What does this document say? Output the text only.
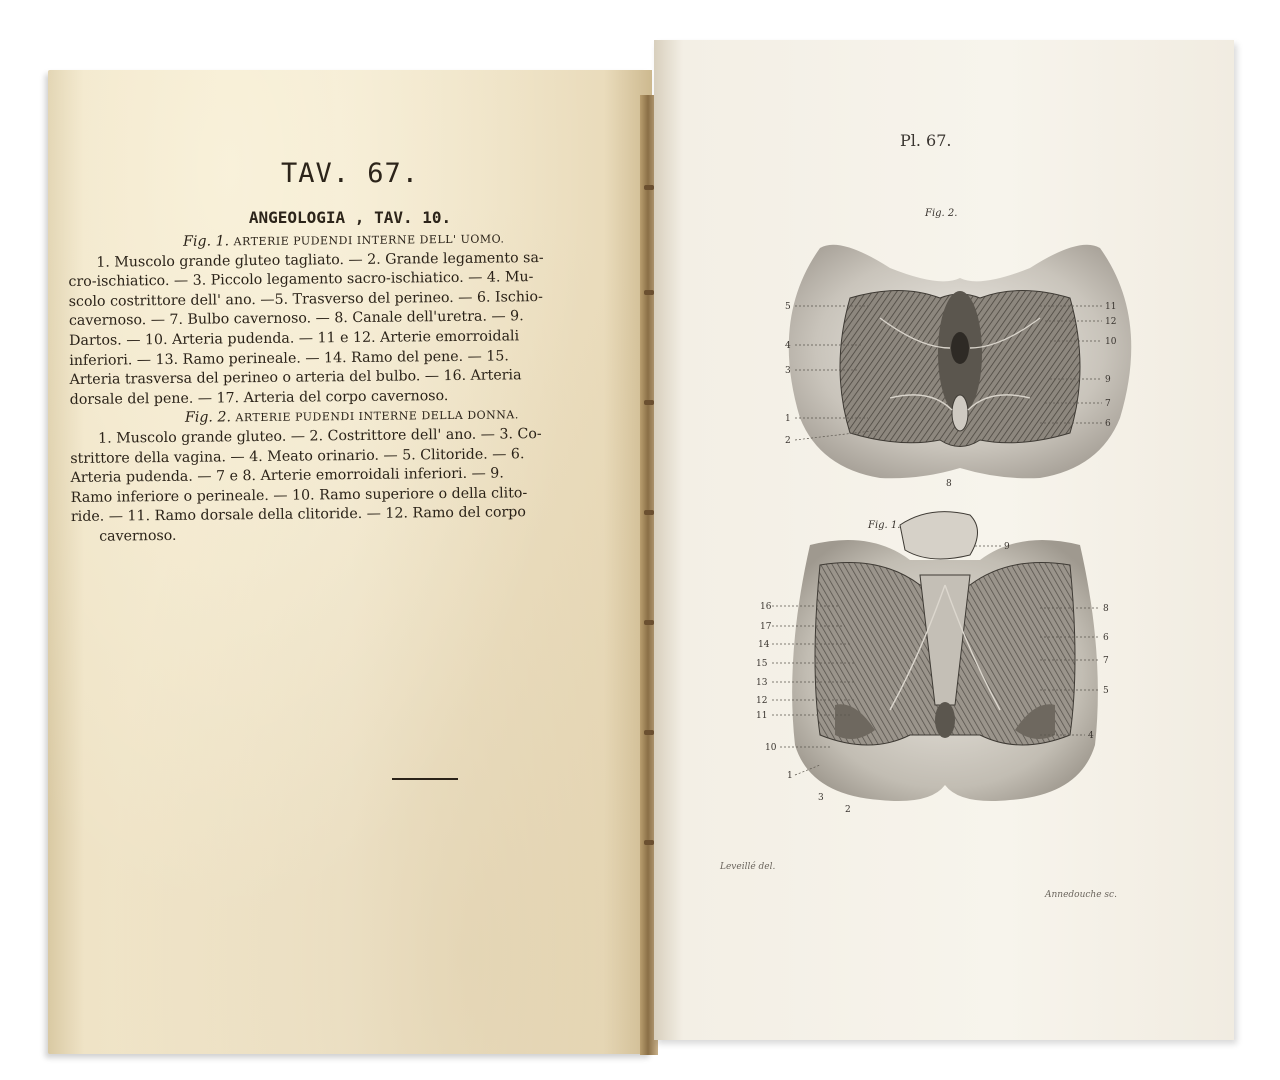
TAV. 67.
ANGEOLOGIA , TAV. 10.
Fig. 1. ARTERIE PUDENDI INTERNE DELL' UOMO.
1. Muscolo grande gluteo tagliato. — 2. Grande legamento sa-
cro-ischiatico. — 3. Piccolo legamento sacro-ischiatico. — 4. Mu-
scolo costrittore dell' ano. —5. Trasverso del perineo. — 6. Ischio-
cavernoso. — 7. Bulbo cavernoso. — 8. Canale dell'uretra. — 9.
Dartos. — 10. Arteria pudenda. — 11 e 12. Arterie emorroidali
inferiori. — 13. Ramo perineale. — 14. Ramo del pene. — 15.
Arteria trasversa del perineo o arteria del bulbo. — 16. Arteria
dorsale del pene. — 17. Arteria del corpo cavernoso.
Fig. 2. ARTERIE PUDENDI INTERNE DELLA DONNA.
1. Muscolo grande gluteo. — 2. Costrittore dell' ano. — 3. Co-
strittore della vagina. — 4. Meato orinario. — 5. Clitoride. — 6.
Arteria pudenda. — 7 e 8. Arterie emorroidali inferiori. — 9.
Ramo inferiore o perineale. — 10. Ramo superiore o della clito-
ride. — 11. Ramo dorsale della clitoride. — 12. Ramo del corpo
cavernoso.
Pl. 67.
Fig. 2.
Fig. 1.
5
4
3
1
2
11
12
10
9
7
6
8
16
17
14
15
13
12
11
10
1
9
8
6
7
5
4
3
2
Leveillé del.
Annedouche sc.
